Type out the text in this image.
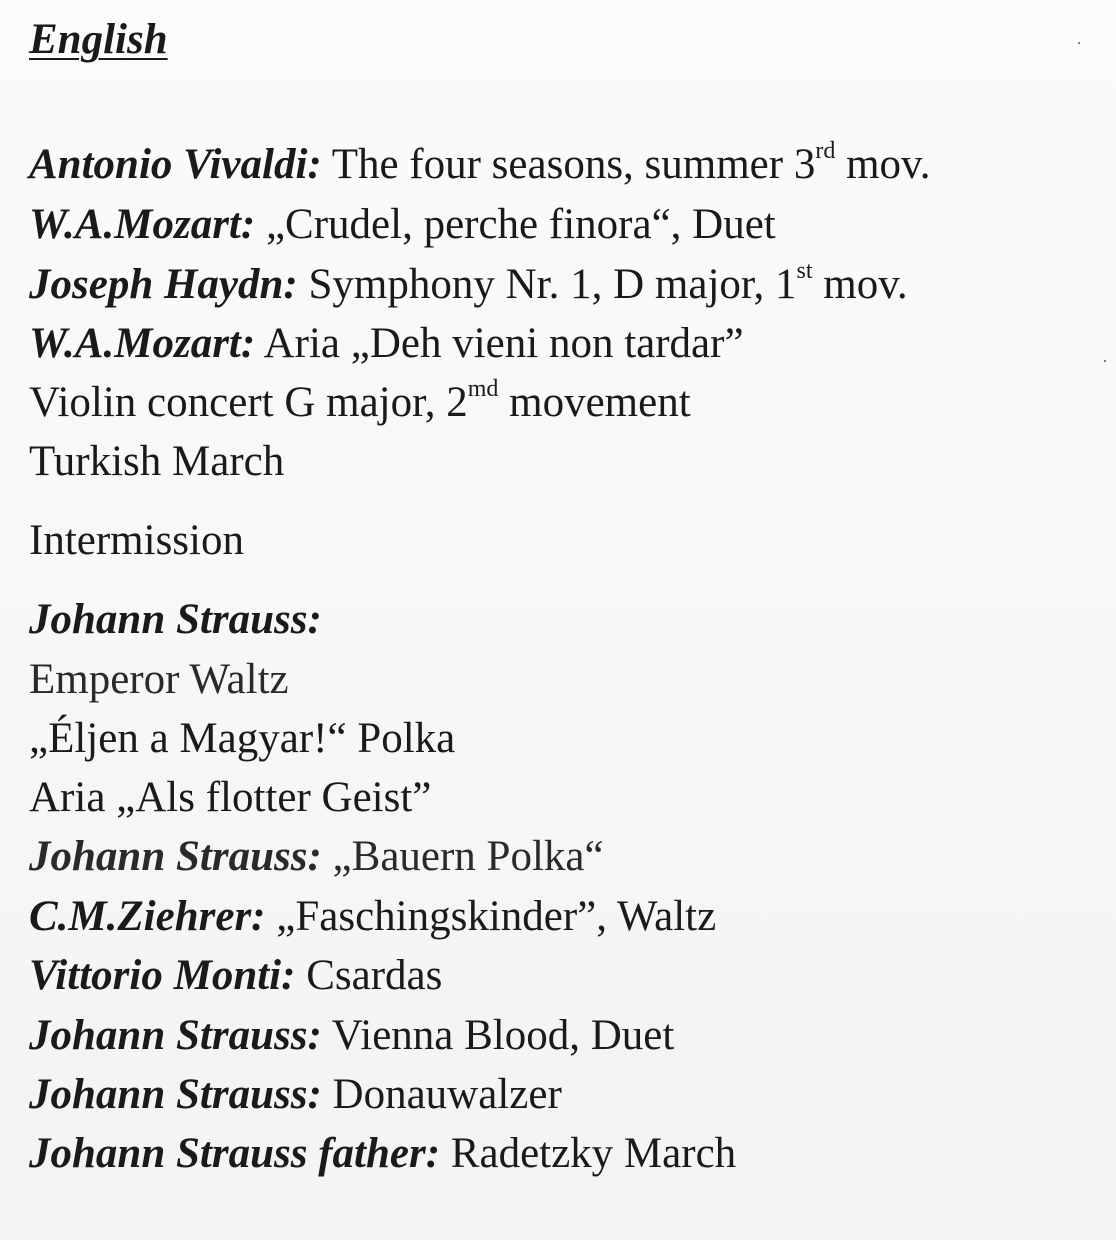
English
Antonio Vivaldi: The four seasons, summer 3rd mov.
W.A.Mozart: „Crudel, perche finora“, Duet
Joseph Haydn: Symphony Nr. 1, D major, 1st mov.
W.A.Mozart: Aria „Deh vieni non tardar”
Violin concert G major, $2^{md}$ movement
Turkish March
Intermission
Johann Strauss:
Emperor Waltz
„Éljen a Magyar!“ Polka
Aria „Als flotter Geist”
Johann Strauss: „Bauern Polka“
C.M.Ziehrer: „Faschingskinder”, Waltz
Vittorio Monti: Csardas
Johann Strauss: Vienna Blood, Duet
Johann Strauss: Donauwalzer
Johann Strauss father: Radetzky March
